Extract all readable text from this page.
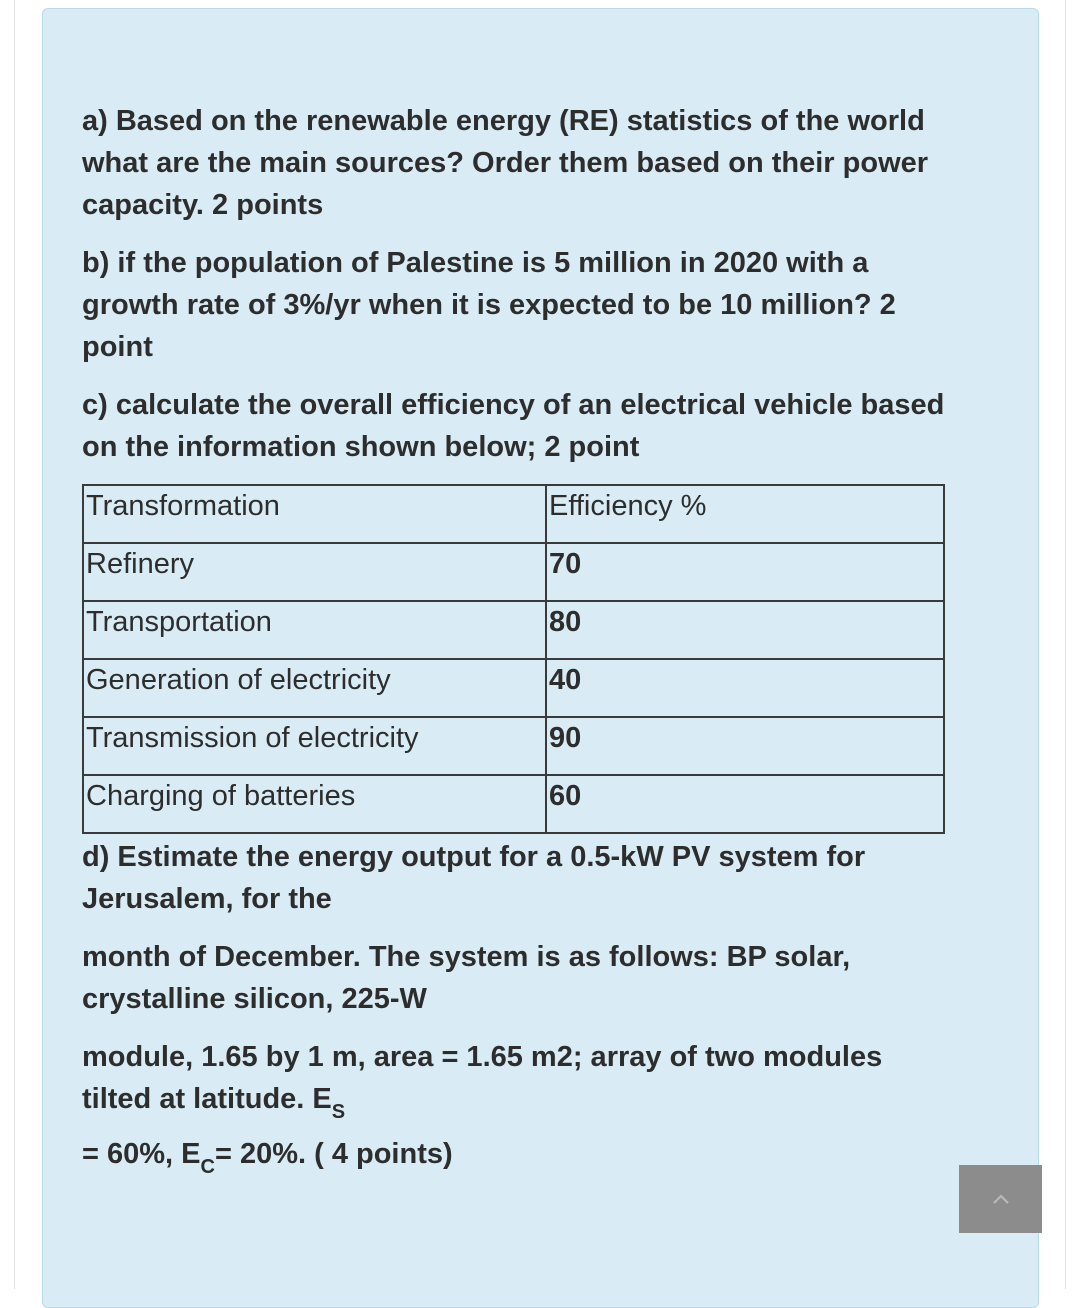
a) Based on the renewable energy (RE) statistics of the world what are the main sources? Order them based on their power capacity. 2 points

b) if the population of Palestine is 5 million in 2020 with a growth rate of 3%/yr when it is expected to be 10 million? 2 point

c) calculate the overall efficiency of an electrical vehicle based on the information shown below; 2 point

Transformation	Efficiency %
Refinery	70
Transportation	80
Generation of electricity	40
Transmission of electricity	90
Charging of batteries	60

d) Estimate the energy output for a 0.5-kW PV system for Jerusalem, for the

month of December. The system is as follows: BP solar, crystalline silicon, 225-W

module, 1.65 by 1 m, area = 1.65 m2; array of two modules tilted at latitude. $E_S$

= 60%, $E_C= 20\%$. ( 4 points)
